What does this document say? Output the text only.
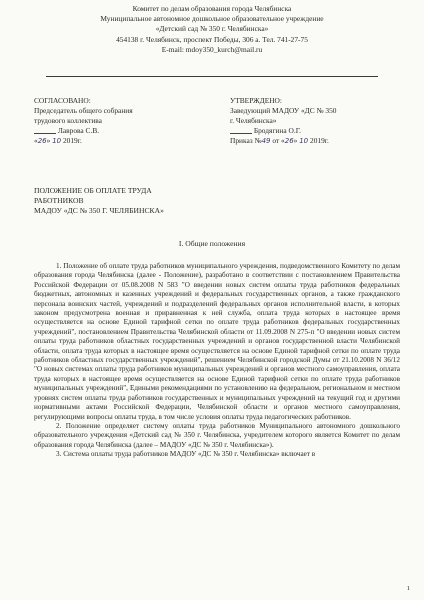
Комитет по делам образования города Челябинска
Муниципальное автономное дошкольное образовательное учреждение
«Детский сад № 350 г. Челябинска»
454138 г. Челябинск, проспект Победы, 306 а. Тел. 741-27-75
E-mail: mdoy350_kurch@mail.ru
СОГЛАСОВАНО:
Председатель общего собрания
трудового коллектива
Лаврова С.В.
«26» 10 2019г.
УТВЕРЖДЕНО:
Заведующий МАДОУ «ДС № 350
г. Челябинска»
Бродягина О.Г.
Приказ №49 от «26» 10 2019г.
ПОЛОЖЕНИЕ ОБ ОПЛАТЕ ТРУДА
РАБОТНИКОВ
МАДОУ «ДС № 350 Г. ЧЕЛЯБИНСКА»
I. Общие положения

1. Положение об оплате труда работников муниципального учреждения, подведомственного Комитету по делам образования города Челябинска (далее - Положение), разработано в соответствии с постановлением Правительства Российской Федерации от 05.08.2008 N 583 "О введении новых систем оплаты труда работников федеральных бюджетных, автономных и казенных учреждений и федеральных государственных органов, а также гражданского персонала воинских частей, учреждений и подразделений федеральных органов исполнительной власти, в которых законом предусмотрена военная и приравненная к ней служба, оплата труда которых в настоящее время осуществляется на основе Единой тарифной сетки по оплате труда работников федеральных государственных учреждений", постановлением Правительства Челябинской области от 11.09.2008 N 275-п "О введении новых систем оплаты труда работников областных государственных учреждений и органов государственной власти Челябинской области, оплата труда которых в настоящее время осуществляется на основе Единой тарифной сетки по оплате труда работников областных государственных учреждений", решением Челябинской городской Думы от 21.10.2008 N 36/12 "О новых системах оплаты труда работников муниципальных учреждений и органов местного самоуправления, оплата труда которых в настоящее время осуществляется на основе Единой тарифной сетки по оплате труда работников муниципальных учреждений", Едиными рекомендациями по установлению на федеральном, региональном и местном уровнях систем оплаты труда работников государственных и муниципальных учреждений на текущий год и другими нормативными актами Российской Федерации, Челябинской области и органов местного самоуправления, регулирующими вопросы оплаты труда, в том числе условия оплаты труда педагогических работников.

2. Положение определяет систему оплаты труда работников Муниципального автономного дошкольного образовательного учреждения «Детский сад № 350 г. Челябинска, учредителем которого является Комитет по делам образования города Челябинска (далее – МАДОУ «ДС № 350 г. Челябинска»).

3. Система оплаты труда работников МАДОУ «ДС № 350 г. Челябинска» включает в

1
